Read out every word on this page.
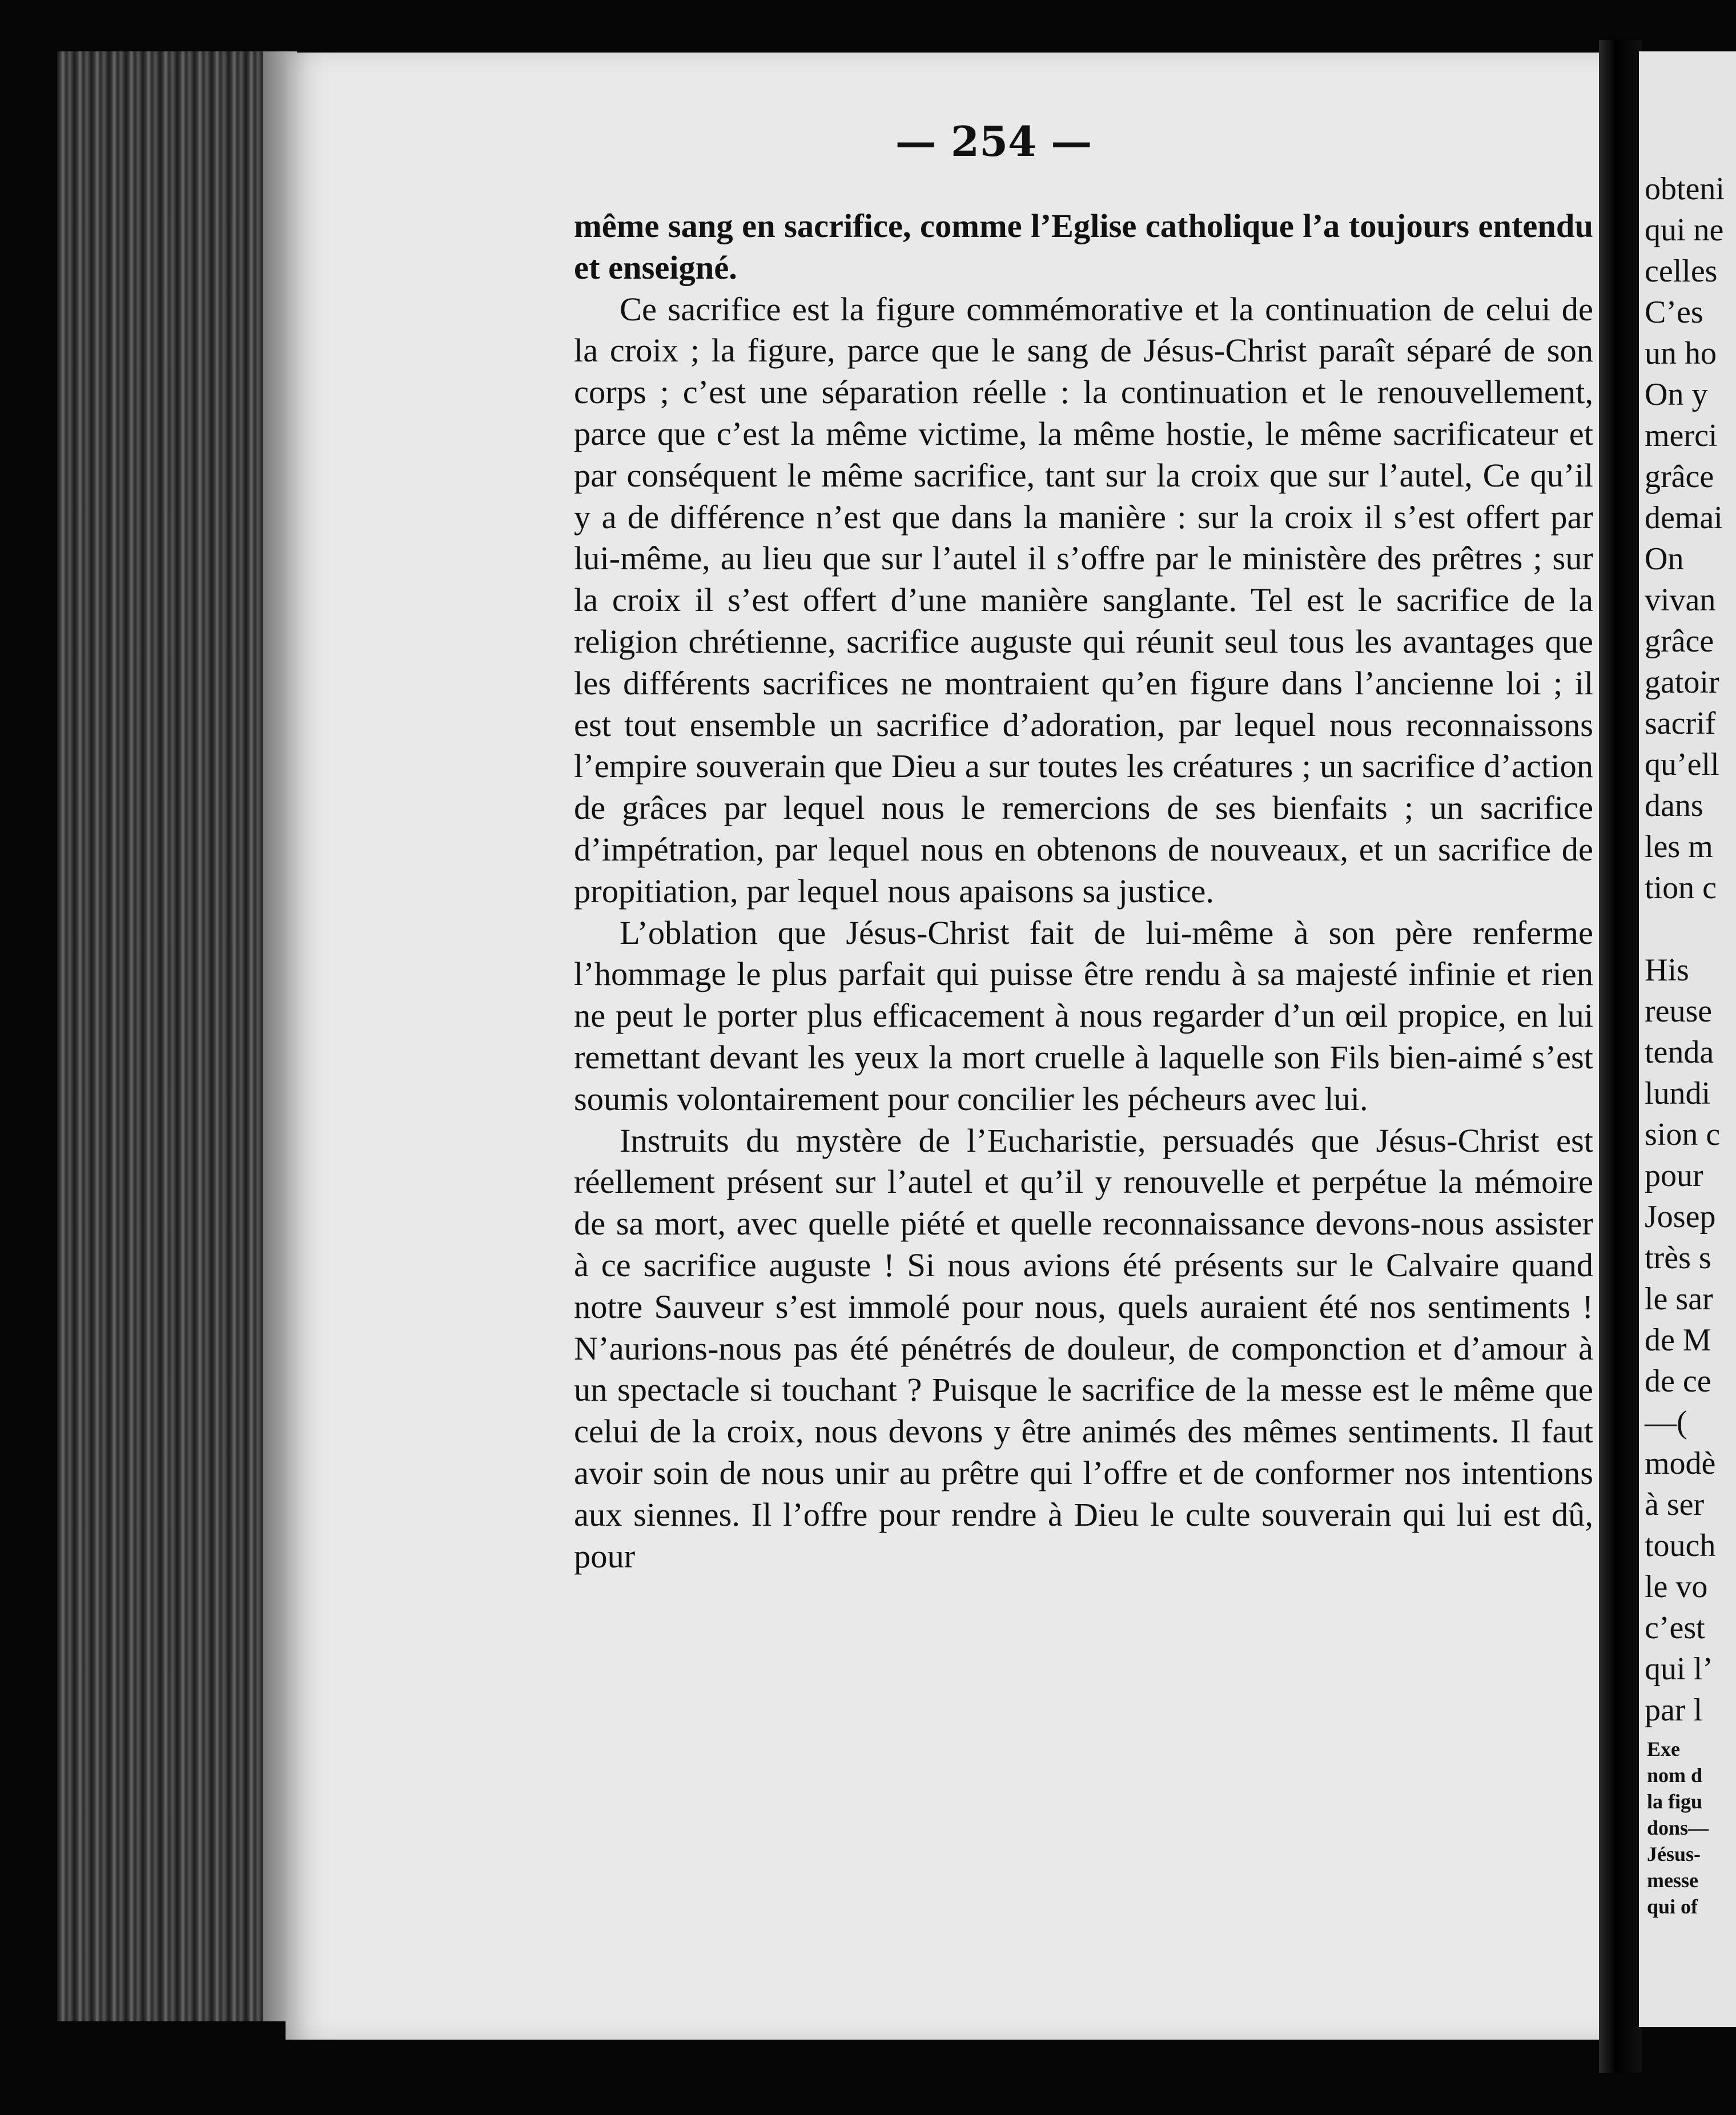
— 254 —

même sang en sacrifice, comme l’Eglise catholique l’a toujours entendu et enseigné.

Ce sacrifice est la figure commémorative et la continuation de celui de la croix ; la figure, parce que le sang de Jésus-Christ paraît séparé de son corps ; c’est une séparation réelle : la continuation et le renouvellement, parce que c’est la même victime, la même hostie, le même sacrificateur et par conséquent le même sacrifice, tant sur la croix que sur l’autel, Ce qu’il y a de différence n’est que dans la manière : sur la croix il s’est offert par lui-même, au lieu que sur l’autel il s’offre par le ministère des prêtres ; sur la croix il s’est offert d’une manière sanglante. Tel est le sacrifice de la religion chrétienne, sacrifice auguste qui réunit seul tous les avantages que les différents sacrifices ne montraient qu’en figure dans l’ancienne loi ; il est tout ensemble un sacrifice d’adoration, par lequel nous reconnaissons l’empire souverain que Dieu a sur toutes les créatures ; un sacrifice d’action de grâces par lequel nous le remercions de ses bienfaits ; un sacrifice d’impétration, par lequel nous en obtenons de nouveaux, et un sacrifice de propitiation, par lequel nous apaisons sa justice.

L’oblation que Jésus-Christ fait de lui-même à son père renferme l’hommage le plus parfait qui puisse être rendu à sa majesté infinie et rien ne peut le porter plus efficacement à nous regarder d’un œil propice, en lui remettant devant les yeux la mort cruelle à laquelle son Fils bien-aimé s’est soumis volontairement pour concilier les pécheurs avec lui.

Instruits du mystère de l’Eucharistie, persuadés que Jésus-Christ est réellement présent sur l’autel et qu’il y renouvelle et perpétue la mémoire de sa mort, avec quelle piété et quelle reconnaissance devons-nous assister à ce sacrifice auguste ! Si nous avions été présents sur le Calvaire quand notre Sauveur s’est immolé pour nous, quels auraient été nos sentiments ! N’aurions-nous pas été pénétrés de douleur, de componction et d’amour à un spectacle si touchant ? Puisque le sacrifice de la messe est le même que celui de la croix, nous devons y être animés des mêmes sentiments. Il faut avoir soin de nous unir au prêtre qui l’offre et de conformer nos intentions aux siennes. Il l’offre pour rendre à Dieu le culte souverain qui lui est dû, pour

obteni
qui ne
celles
C’es
un ho
On y
merci
grâce
demai
On
vivan
grâce
gatoir
sacrif
qu’ell
dans
les m
tion c
His
reuse
tenda
lundi
sion c
pour
Josep
très s
le sar
de M
de ce
—(
modè
à ser
touch
le vo
c’est
qui l’
par l
Exe
nom d
la figu
dons—
Jésus-
messe
qui of
